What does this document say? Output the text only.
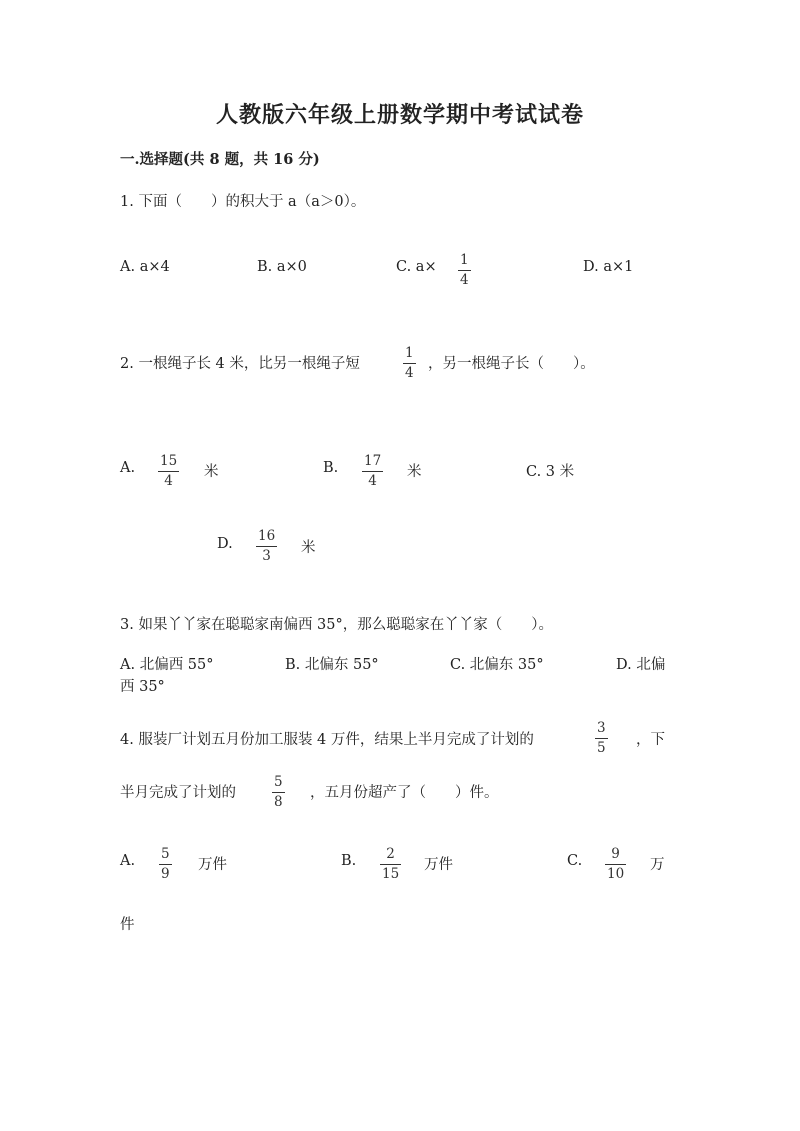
人教版六年级上册数学期中考试试卷
一.选择题(共 8 题，共 16 分)
1. 下面（　　）的积大于 a（a＞0）。
A. a×4	B. a×0	C. a× 1
4
D. a×1
2. 一根绳子长 4 米，比另一根绳子短
1
4
，另一根绳子长（　　）。
A. 15
4
米	B. 17
4
米	C. 3 米
D. 16
3 米
3. 如果丫丫家在聪聪家南偏西 35°，那么聪聪家在丫丫家（　　）。
A. 北偏西 55°	B. 北偏东 55°	C. 北偏东 35°	D. 北偏
西 35°
4. 服装厂计划五月份加工服装 4 万件，结果上半月完成了计划的
3
5 ，下
半月完成了计划的
5
8
，五月份超产了（　　）件。
A. 5
9
万件	B. 2
15
万件	C. 9
10
万
件
